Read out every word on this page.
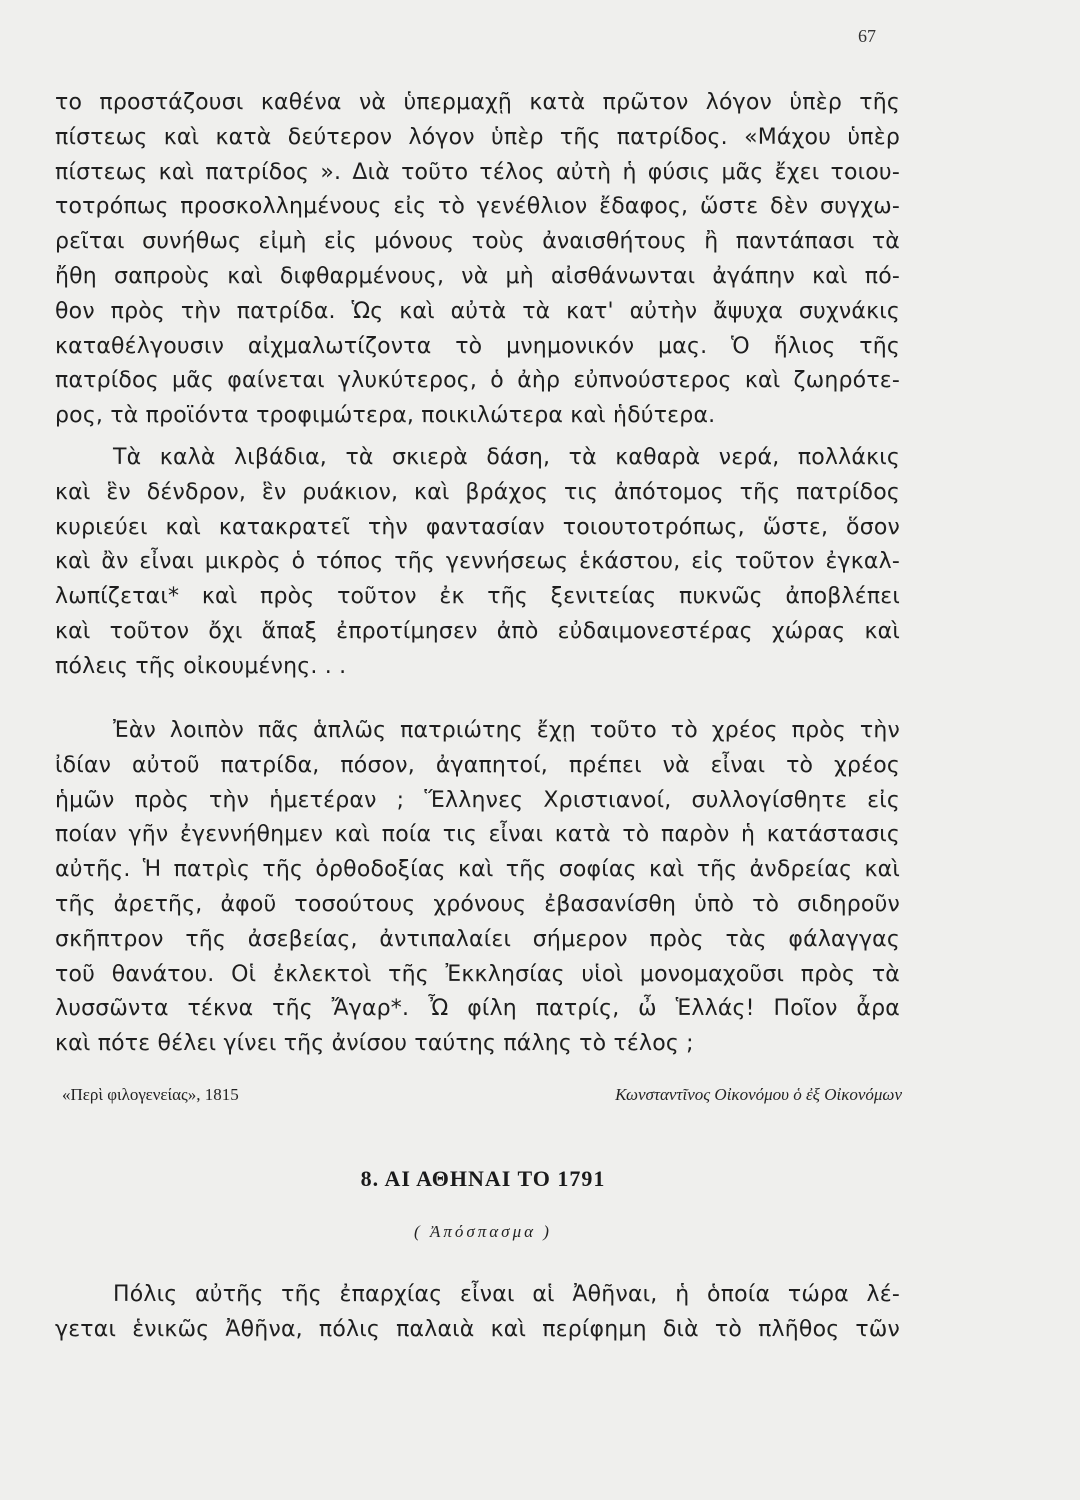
67
το προστάζουσι καθένα νὰ ὑπερμαχῇ κατὰ πρῶτον λόγον ὑπὲρ τῆς
πίστεως καὶ κατὰ δεύτερον λόγον ὑπὲρ τῆς πατρίδος. «Μάχου ὑπὲρ
πίστεως καὶ πατρίδος ». Διὰ τοῦτο τέλος αὐτὴ ἡ φύσις μᾶς ἔχει τοιου-
τοτρόπως προσκολλημένους εἰς τὸ γενέθλιον ἔδαφος, ὥστε δὲν συγχω-
ρεῖται συνήθως εἰμὴ εἰς μόνους τοὺς ἀναισθήτους ἢ παντάπασι τὰ
ἤθη σαπροὺς καὶ διφθαρμένους, νὰ μὴ αἰσθάνωνται ἀγάπην καὶ πό-
θον πρὸς τὴν πατρίδα. Ὡς καὶ αὐτὰ τὰ κατ' αὐτὴν ἄψυχα συχνάκις
καταθέλγουσιν αἰχμαλωτίζοντα τὸ μνημονικόν μας. Ὁ ἥλιος τῆς
πατρίδος μᾶς φαίνεται γλυκύτερος, ὁ ἀὴρ εὐπνούστερος καὶ ζωηρότε-
ρος, τὰ προϊόντα τροφιμώτερα, ποικιλώτερα καὶ ἡδύτερα.
Τὰ καλὰ λιβάδια, τὰ σκιερὰ δάση, τὰ καθαρὰ νερά, πολλάκις
καὶ ἓν δένδρον, ἓν ρυάκιον, καὶ βράχος τις ἀπότομος τῆς πατρίδος
κυριεύει καὶ κατακρατεῖ τὴν φαντασίαν τοιουτοτρόπως, ὥστε, ὅσον
καὶ ἂν εἶναι μικρὸς ὁ τόπος τῆς γεννήσεως ἑκάστου, εἰς τοῦτον ἐγκαλ-
λωπίζεται* καὶ πρὸς τοῦτον ἐκ τῆς ξενιτείας πυκνῶς ἀποβλέπει
καὶ τοῦτον ὄχι ἅπαξ ἐπροτίμησεν ἀπὸ εὐδαιμονεστέρας χώρας καὶ
πόλεις τῆς οἰκουμένης. . .
Ἐὰν λοιπὸν πᾶς ἁπλῶς πατριώτης ἔχῃ τοῦτο τὸ χρέος πρὸς τὴν
ἰδίαν αὐτοῦ πατρίδα, πόσον, ἀγαπητοί, πρέπει νὰ εἶναι τὸ χρέος
ἡμῶν πρὸς τὴν ἡμετέραν ; Ἕλληνες Χριστιανοί, συλλογίσθητε εἰς
ποίαν γῆν ἐγεννήθημεν καὶ ποία τις εἶναι κατὰ τὸ παρὸν ἡ κατάστασις
αὐτῆς. Ἡ πατρὶς τῆς ὀρθοδοξίας καὶ τῆς σοφίας καὶ τῆς ἀνδρείας καὶ
τῆς ἀρετῆς, ἀφοῦ τοσούτους χρόνους ἐβασανίσθη ὑπὸ τὸ σιδηροῦν
σκῆπτρον τῆς ἀσεβείας, ἀντιπαλαίει σήμερον πρὸς τὰς φάλαγγας
τοῦ θανάτου. Οἱ ἐκλεκτοὶ τῆς Ἐκκλησίας υἱοὶ μονομαχοῦσι πρὸς τὰ
λυσσῶντα τέκνα τῆς Ἄγαρ*. Ὦ φίλη πατρίς, ὦ Ἑλλάς! Ποῖον ἆρα
καὶ πότε θέλει γίνει τῆς ἀνίσου ταύτης πάλης τὸ τέλος ;
«Περὶ φιλογενείας», 1815	Κωνσταντῖνος Οἰκονόμου ὁ ἐξ Οἰκονόμων
8. ΑΙ ΑΘΗΝΑΙ ΤΟ 1791
( Ἀπόσπασμα )
Πόλις αὐτῆς τῆς ἐπαρχίας εἶναι αἱ Ἀθῆναι, ἡ ὁποία τώρα λέ-
γεται ἑνικῶς Ἀθῆνα, πόλις παλαιὰ καὶ περίφημη διὰ τὸ πλῆθος τῶν
